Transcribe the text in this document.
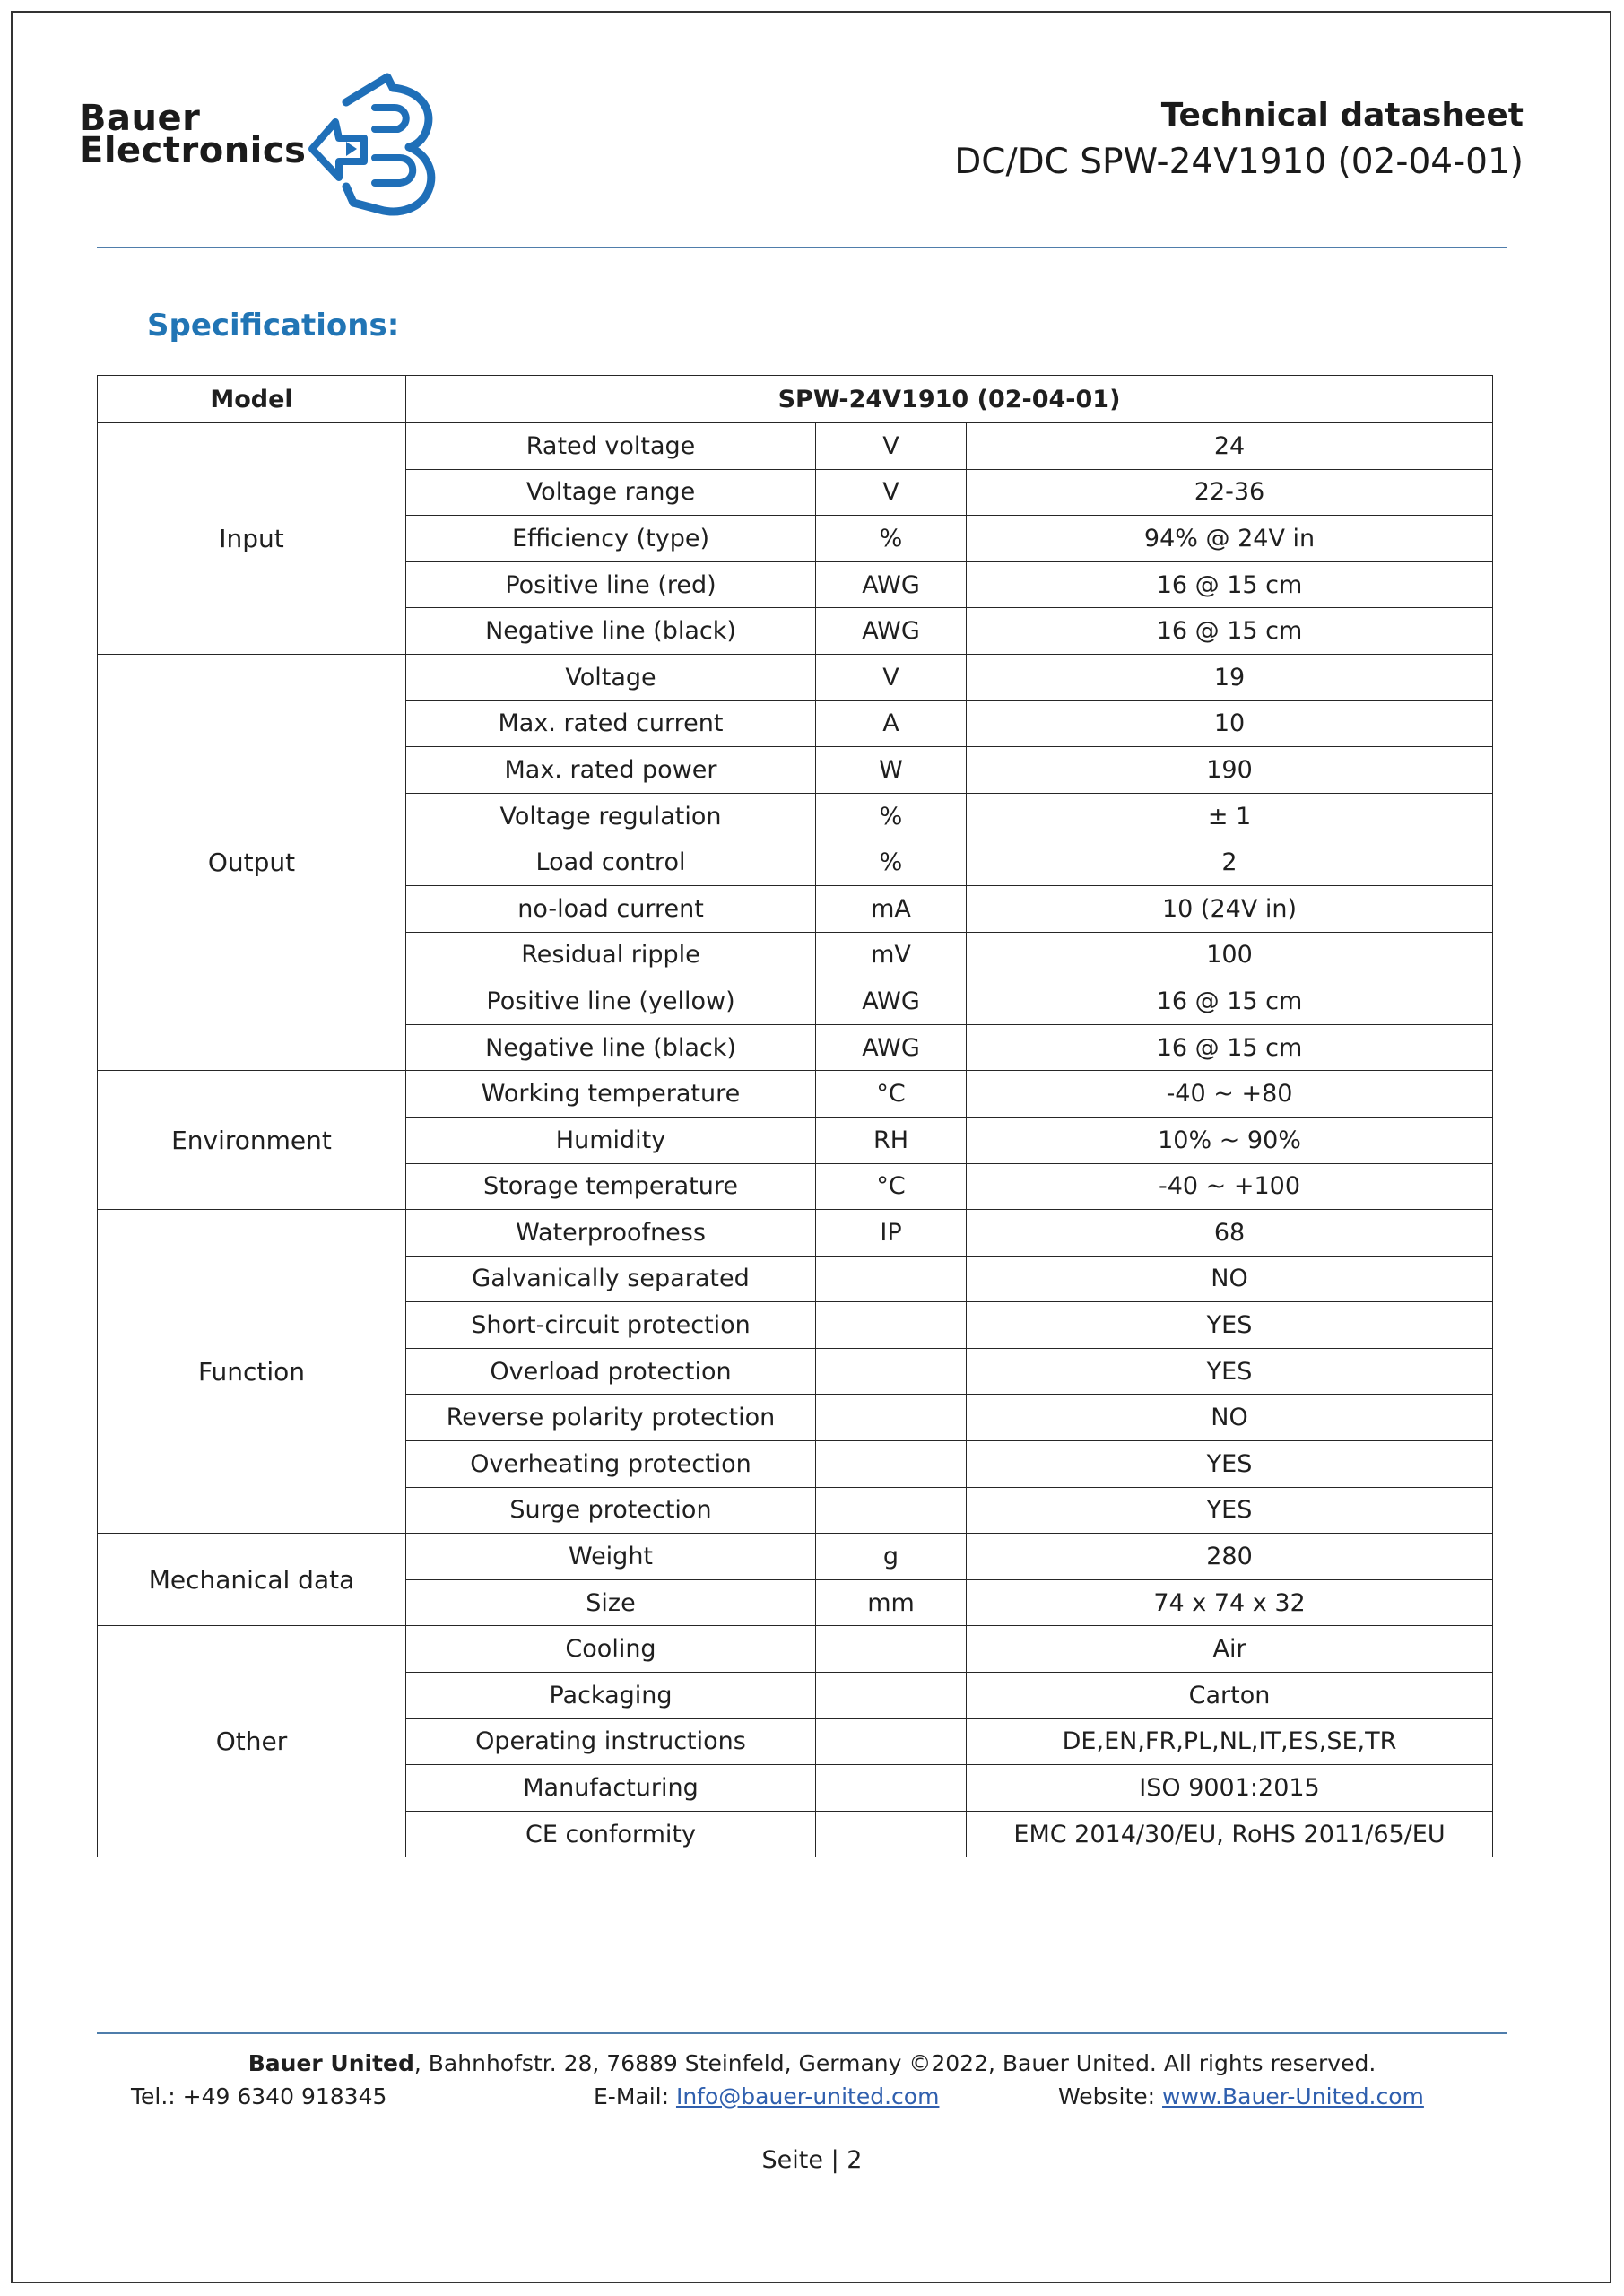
Bauer
Electronics
Technical datasheet
DC/DC SPW-24V1910 (02-04-01)
Specifications:
Model	SPW-24V1910 (02-04-01)		
Input	Rated voltage	V	24
	Voltage range	V	22-36
	Efficiency (type)	%	94% @ 24V in
	Positive line (red)	AWG	16 @ 15 cm
	Negative line (black)	AWG	16 @ 15 cm
Output	Voltage	V	19
	Max. rated current	A	10
	Max. rated power	W	190
	Voltage regulation	%	± 1
	Load control	%	2
	no-load current	mA	10 (24V in)
	Residual ripple	mV	100
	Positive line (yellow)	AWG	16 @ 15 cm
	Negative line (black)	AWG	16 @ 15 cm
Environment	Working temperature	°C	-40 ~ +80
	Humidity	RH	10% ~ 90%
	Storage temperature	°C	-40 ~ +100
Function	Waterproofness	IP	68
	Galvanically separated		NO
	Short-circuit protection		YES
	Overload protection		YES
	Reverse polarity protection		NO
	Overheating protection		YES
	Surge protection		YES
Mechanical data	Weight	g	280
	Size	mm	74 x 74 x 32
Other	Cooling		Air
	Packaging		Carton
	Operating instructions		DE,EN,FR,PL,NL,IT,ES,SE,TR
	Manufacturing		ISO 9001:2015
	CE conformity		EMC 2014/30/EU, RoHS 2011/65/EU
Bauer United, Bahnhofstr. 28, 76889 Steinfeld, Germany ©2022, Bauer United. All rights reserved.
Tel.: +49 6340 918345	E-Mail: Info@bauer-united.com	Website: www.Bauer-United.com
Seite | 2
